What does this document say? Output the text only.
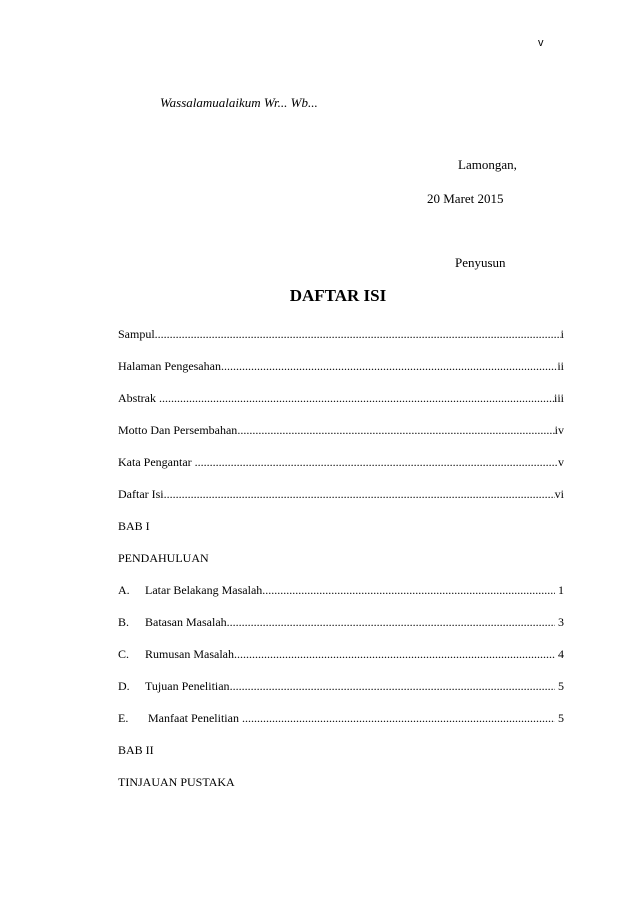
v
Wassalamualaikum Wr... Wb...
Lamongan,
20 Maret 2015
Penyusun
DAFTAR ISI
Sampul .....	i
Halaman Pengesahan .....	ii
Abstrak .....	iii
Motto Dan Persembahan .....	iv
Kata Pengantar .....	v
Daftar Isi .....	vi
BAB I
PENDAHULUAN
A.	Latar Belakang Masalah .....	1
B.	Batasan Masalah .....	3
C.	Rumusan Masalah .....	4
D.	Tujuan Penelitian .....	5
E.	Manfaat Penelitian .....	5
BAB II
TINJAUAN PUSTAKA
